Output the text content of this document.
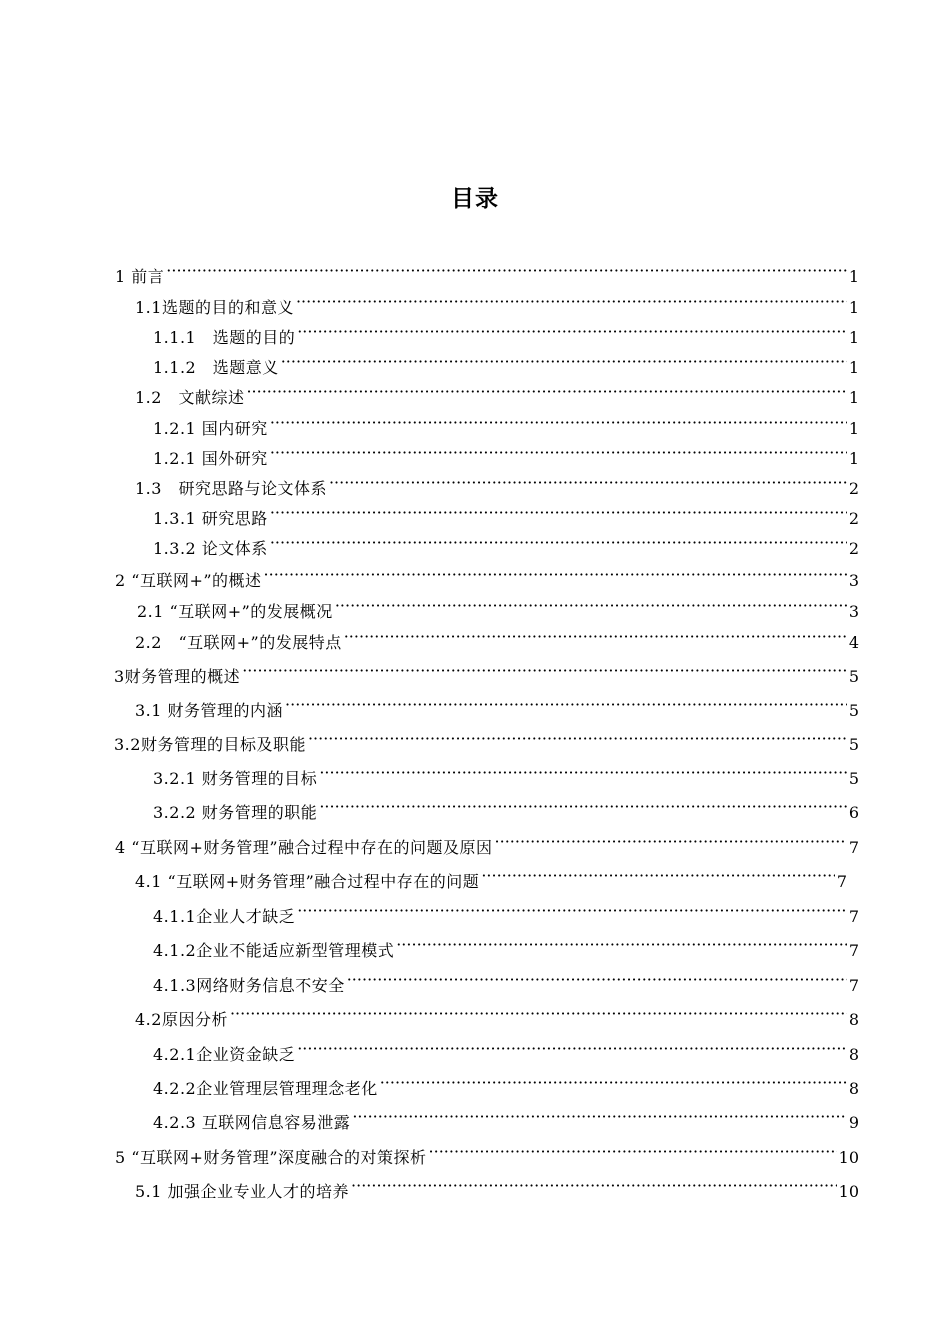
目录
1 前言 ·····	1
1.1选题的目的和意义 ·····	1
1.1.1　选题的目的 ·····	1
1.1.2　选题意义 ·····	1
1.2　文献综述 ·····	1
1.2.1 国内研究 ·····	1
1.2.1 国外研究 ·····	1
1.3　研究思路与论文体系 ·····	2
1.3.1 研究思路 ·····	2
1.3.2 论文体系 ·····	2
2 “互联网+”的概述 ·····	3
2.1 “互联网+”的发展概况 ·····	3
2.2　“互联网+”的发展特点 ·····	4
3财务管理的概述 ·····	5
3.1 财务管理的内涵 ·····	5
3.2财务管理的目标及职能 ·····	5
3.2.1 财务管理的目标 ·····	5
3.2.2 财务管理的职能 ·····	6
4 “互联网+财务管理”融合过程中存在的问题及原因 ·····	7
4.1 “互联网+财务管理”融合过程中存在的问题 ·····	7
4.1.1企业人才缺乏 ·····	7
4.1.2企业不能适应新型管理模式 ·····	7
4.1.3网络财务信息不安全 ·····	7
4.2原因分析 ·····	8
4.2.1企业资金缺乏 ·····	8
4.2.2企业管理层管理理念老化 ·····	8
4.2.3 互联网信息容易泄露 ·····	9
5 “互联网+财务管理”深度融合的对策探析 ·····	10
5.1 加强企业专业人才的培养 ·····	10
